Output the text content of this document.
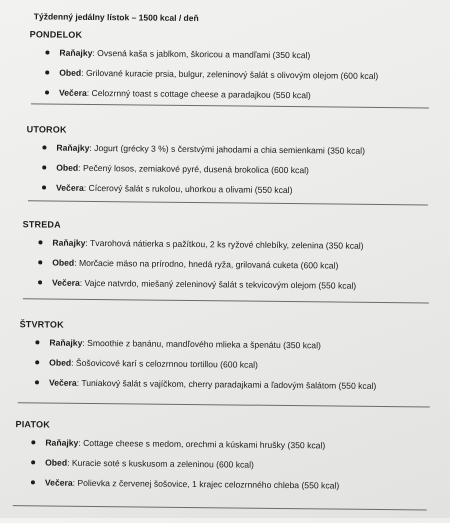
Týždenný jedálny lístok – 1500 kcal / deň
PONDELOK
Raňajky: Ovsená kaša s jablkom, škoricou a mandľami (350 kcal)
Obed: Grilované kuracie prsia, bulgur, zeleninový šalát s olivovým olejom (600 kcal)
Večera: Celozrnný toast s cottage cheese a paradajkou (550 kcal)
UTOROK
Raňajky: Jogurt (grécky 3 %) s čerstvými jahodami a chia semienkami (350 kcal)
Obed: Pečený losos, zemiakové pyré, dusená brokolica (600 kcal)
Večera: Cícerový šalát s rukolou, uhorkou a olivami (550 kcal)
STREDA
Raňajky: Tvarohová nátierka s pažítkou, 2 ks ryžové chlebíky, zelenina (350 kcal)
Obed: Morčacie mäso na prírodno, hnedá ryža, grilovaná cuketa (600 kcal)
Večera: Vajce natvrdo, miešaný zeleninový šalát s tekvicovým olejom (550 kcal)
ŠTVRTOK
Raňajky: Smoothie z banánu, mandľového mlieka a špenátu (350 kcal)
Obed: Šošovicové karí s celozrnnou tortillou (600 kcal)
Večera: Tuniakový šalát s vajíčkom, cherry paradajkami a ľadovým šalátom (550 kcal)
PIATOK
Raňajky: Cottage cheese s medom, orechmi a kúskami hrušky (350 kcal)
Obed: Kuracie soté s kuskusom a zeleninou (600 kcal)
Večera: Polievka z červenej šošovice, 1 krajec celozrnného chleba (550 kcal)
